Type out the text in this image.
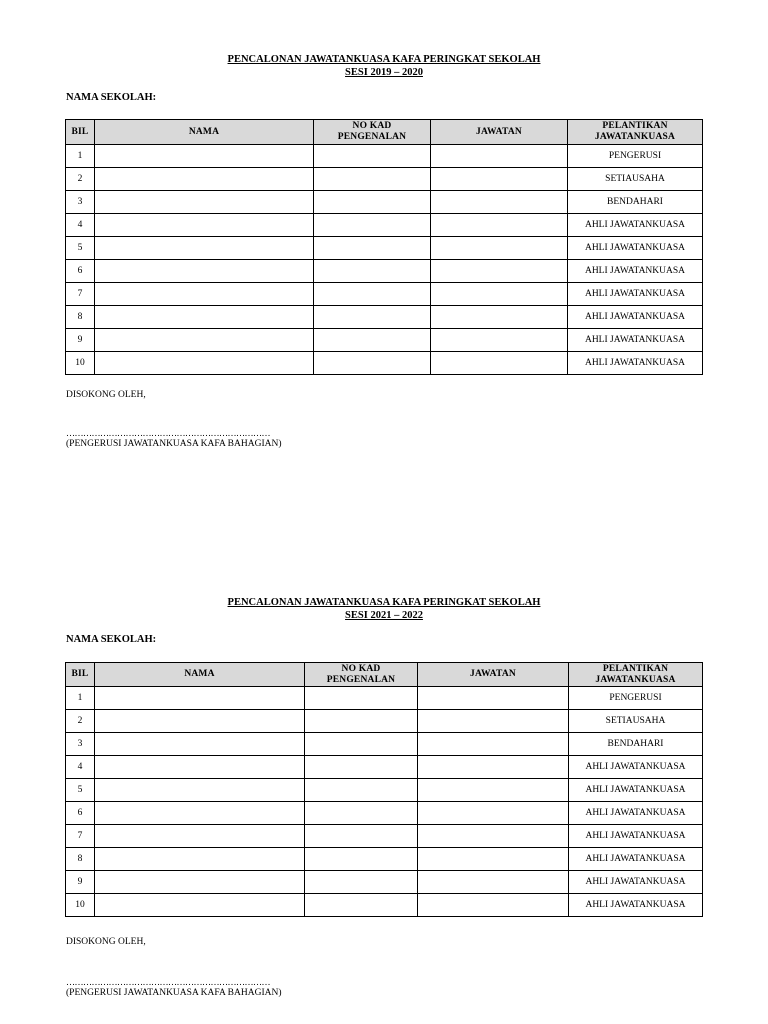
PENCALONAN JAWATANKUASA KAFA PERINGKAT SEKOLAH
SESI 2019 – 2020
NAMA SEKOLAH:
BIL	NAMA	NO KAD PENGENALAN	JAWATAN	PELANTIKAN JAWATANKUASA
1				PENGERUSI
2				SETIAUSAHA
3				BENDAHARI
4				AHLI JAWATANKUASA
5				AHLI JAWATANKUASA
6				AHLI JAWATANKUASA
7				AHLI JAWATANKUASA
8				AHLI JAWATANKUASA
9				AHLI JAWATANKUASA
10				AHLI JAWATANKUASA
DISOKONG OLEH,
………………………………………………………………
(PENGERUSI JAWATANKUASA KAFA BAHAGIAN)
PENCALONAN JAWATANKUASA KAFA PERINGKAT SEKOLAH
SESI 2021 – 2022
NAMA SEKOLAH:
BIL	NAMA	NO KAD PENGENALAN	JAWATAN	PELANTIKAN JAWATANKUASA
1				PENGERUSI
2				SETIAUSAHA
3				BENDAHARI
4				AHLI JAWATANKUASA
5				AHLI JAWATANKUASA
6				AHLI JAWATANKUASA
7				AHLI JAWATANKUASA
8				AHLI JAWATANKUASA
9				AHLI JAWATANKUASA
10				AHLI JAWATANKUASA
DISOKONG OLEH,
………………………………………………………………
(PENGERUSI JAWATANKUASA KAFA BAHAGIAN)
